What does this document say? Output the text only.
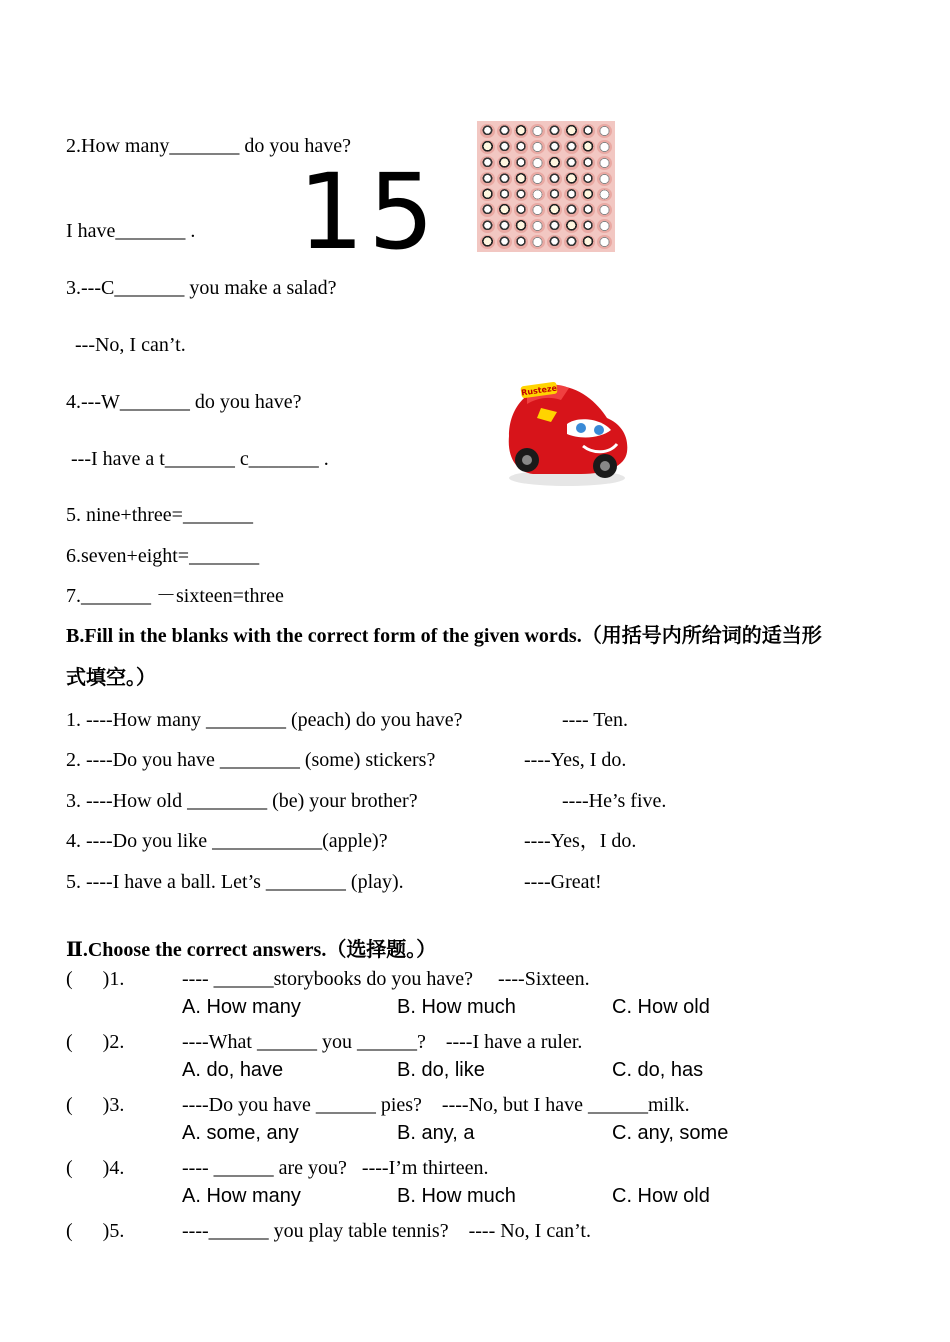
2.How many_______ do you have?
I have_______ . 15
3.---C_______ you make a salad?
---No, I can’t.
4.---W_______ do you have?
---I have a t_______ c_______ .
Rusteze
5. nine+three=_______
6.seven+eight=_______
7._______ －sixteen=three
B.Fill in the blanks with the correct form of the given words.（用括号内所给词的适当形
式填空。）
1. ----How many ________ (peach) do you have?	---- Ten.
2. ----Do you have ________ (some) stickers?	----Yes, I do.
3. ----How old ________ (be) your brother?	----He’s five.
4. ----Do you like ___________(apple)?	----Yes，I do.
5. ----I have a ball. Let’s ________ (play).	----Great!
Ⅱ.Choose the correct answers.（选择题。）
(      )1.	---- ______storybooks do you have?     ----Sixteen.
A. How many	B. How much	C. How old
(      )2.	----What ______ you ______?    ----I have a ruler.
A. do, have	B. do, like	C. do, has
(      )3.	----Do you have ______ pies?    ----No, but I have ______milk.
A. some, any	B. any, a	C. any, some
(      )4.	---- ______ are you?   ----I’m thirteen.
A. How many	B. How much	C. How old
(      )5.	----______ you play table tennis?    ---- No, I can’t.
